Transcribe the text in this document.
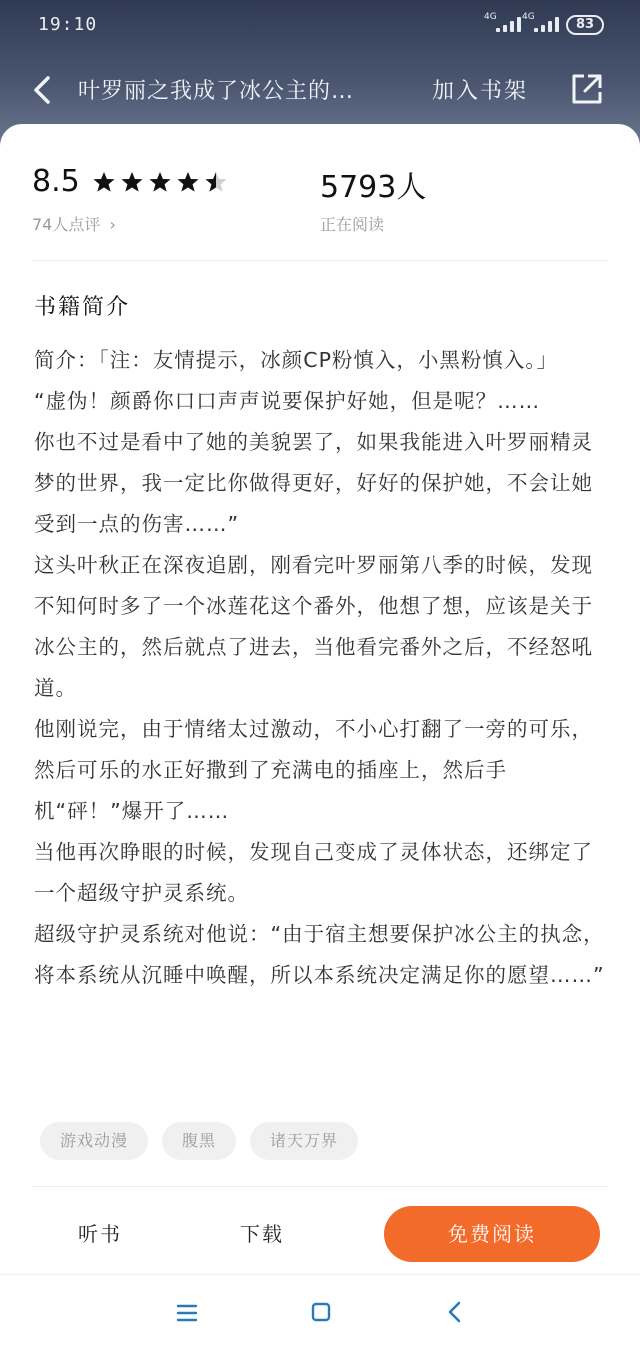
19:10	4G	4G	83
叶罗丽之我成了冰公主的…	加入书架
8.5
74人点评 ›
5793人
正在阅读
书籍简介

简介：「注：友情提示，冰颜CP粉慎入，小黑粉慎入。」

“虚伪！颜爵你口口声声说要保护好她，但是呢？……

你也不过是看中了她的美貌罢了，如果我能进入叶罗丽精灵梦的世界，我一定比你做得更好，好好的保护她，不会让她受到一点的伤害……”

这头叶秋正在深夜追剧，刚看完叶罗丽第八季的时候，发现不知何时多了一个冰莲花这个番外，他想了想，应该是关于冰公主的，然后就点了进去，当他看完番外之后，不经怒吼道。

他刚说完，由于情绪太过激动，不小心打翻了一旁的可乐，然后可乐的水正好撒到了充满电的插座上，然后手机“砰！”爆开了……

当他再次睁眼的时候，发现自己变成了灵体状态，还绑定了一个超级守护灵系统。

超级守护灵系统对他说：“由于宿主想要保护冰公主的执念，将本系统从沉睡中唤醒，所以本系统决定满足你的愿望……”

游戏动漫	腹黑	诸天万界
听书	下载	免费阅读
